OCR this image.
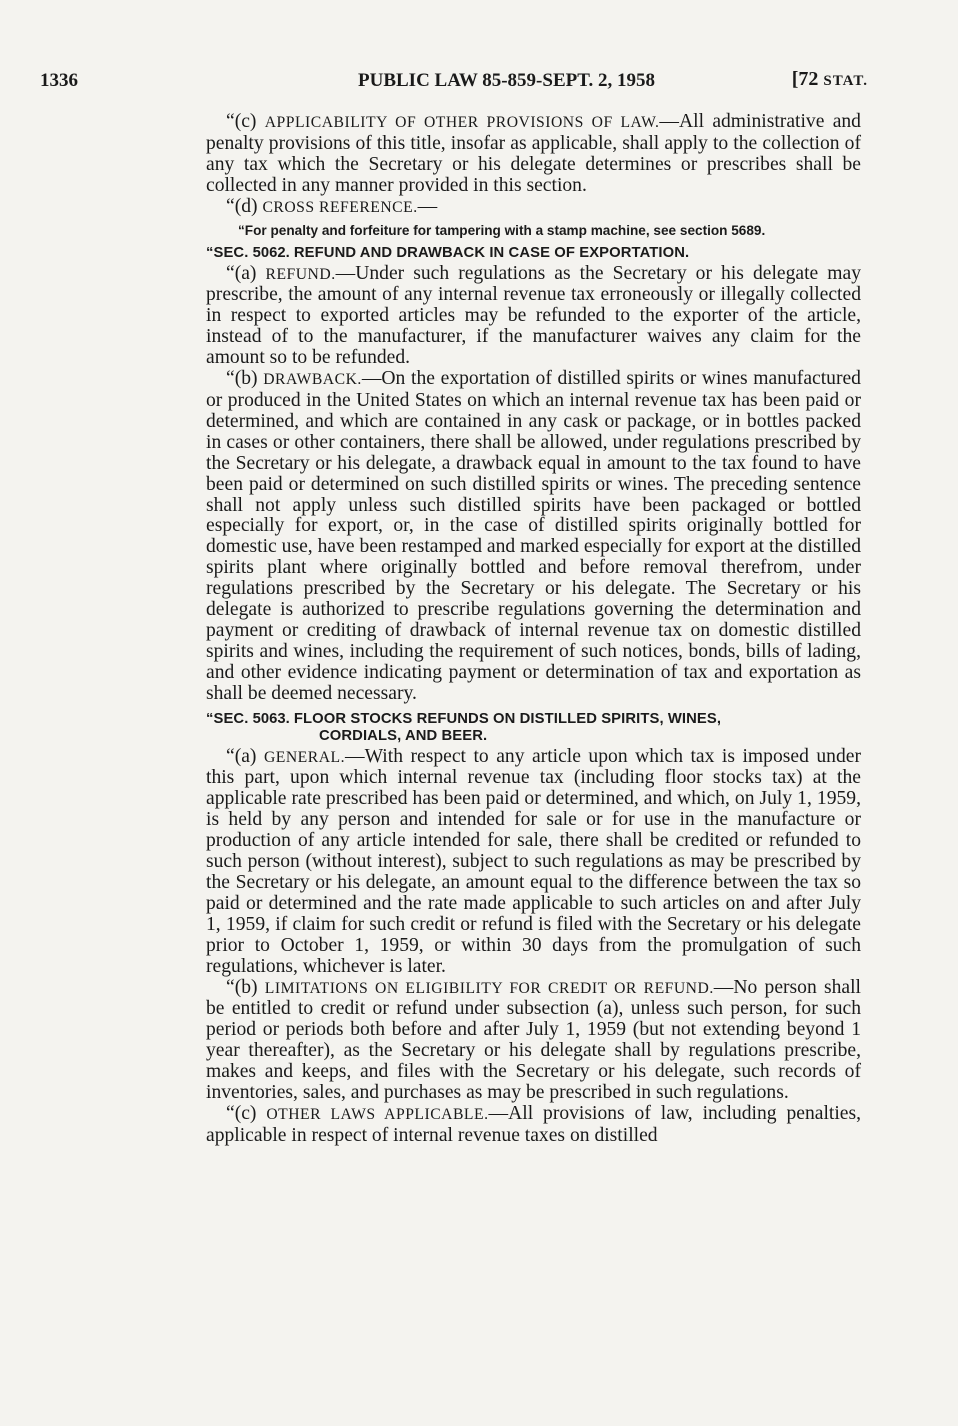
1336	PUBLIC LAW 85-859-SEPT. 2, 1958	[72 STAT.

“(c) APPLICABILITY OF OTHER PROVISIONS OF LAW.—All administrative and penalty provisions of this title, insofar as applicable, shall apply to the collection of any tax which the Secretary or his delegate determines or prescribes shall be collected in any manner provided in this section.

“(d) CROSS REFERENCE.—

“For penalty and forfeiture for tampering with a stamp machine, see section 5689.

“SEC. 5062. REFUND AND DRAWBACK IN CASE OF EXPORTATION.

“(a) REFUND.—Under such regulations as the Secretary or his delegate may prescribe, the amount of any internal revenue tax erroneously or illegally collected in respect to exported articles may be refunded to the exporter of the article, instead of to the manufacturer, if the manufacturer waives any claim for the amount so to be refunded.

“(b) DRAWBACK.—On the exportation of distilled spirits or wines manufactured or produced in the United States on which an internal revenue tax has been paid or determined, and which are contained in any cask or package, or in bottles packed in cases or other containers, there shall be allowed, under regulations prescribed by the Secretary or his delegate, a drawback equal in amount to the tax found to have been paid or determined on such distilled spirits or wines. The preceding sentence shall not apply unless such distilled spirits have been packaged or bottled especially for export, or, in the case of distilled spirits originally bottled for domestic use, have been restamped and marked especially for export at the distilled spirits plant where originally bottled and before removal therefrom, under regulations prescribed by the Secretary or his delegate. The Secretary or his delegate is authorized to prescribe regulations governing the determination and payment or crediting of drawback of internal revenue tax on domestic distilled spirits and wines, including the requirement of such notices, bonds, bills of lading, and other evidence indicating payment or determination of tax and exportation as shall be deemed necessary.

“SEC. 5063. FLOOR STOCKS REFUNDS ON DISTILLED SPIRITS, WINES,
CORDIALS, AND BEER.

“(a) GENERAL.—With respect to any article upon which tax is imposed under this part, upon which internal revenue tax (including floor stocks tax) at the applicable rate prescribed has been paid or determined, and which, on July 1, 1959, is held by any person and intended for sale or for use in the manufacture or production of any article intended for sale, there shall be credited or refunded to such person (without interest), subject to such regulations as may be prescribed by the Secretary or his delegate, an amount equal to the difference between the tax so paid or determined and the rate made applicable to such articles on and after July 1, 1959, if claim for such credit or refund is filed with the Secretary or his delegate prior to October 1, 1959, or within 30 days from the promulgation of such regulations, whichever is later.

“(b) LIMITATIONS ON ELIGIBILITY FOR CREDIT OR REFUND.—No person shall be entitled to credit or refund under subsection (a), unless such person, for such period or periods both before and after July 1, 1959 (but not extending beyond 1 year thereafter), as the Secretary or his delegate shall by regulations prescribe, makes and keeps, and files with the Secretary or his delegate, such records of inventories, sales, and purchases as may be prescribed in such regulations.

“(c) OTHER LAWS APPLICABLE.—All provisions of law, including penalties, applicable in respect of internal revenue taxes on distilled
